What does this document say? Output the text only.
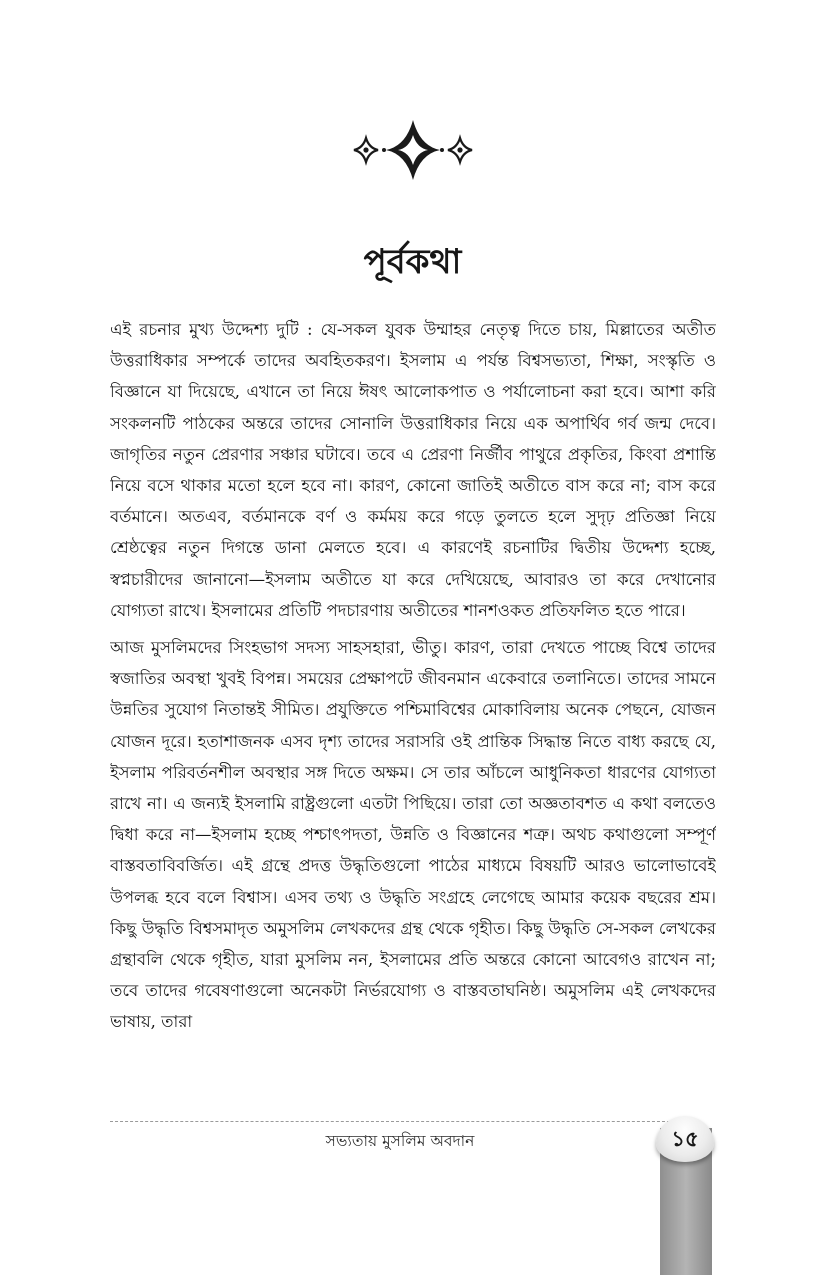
পূর্বকথা

এই রচনার মুখ্য উদ্দেশ্য দুটি : যে-সকল যুবক উম্মাহর নেতৃত্ব দিতে চায়, মিল্লাতের অতীত উত্তরাধিকার সম্পর্কে তাদের অবহিতকরণ। ইসলাম এ পর্যন্ত বিশ্বসভ্যতা, শিক্ষা, সংস্কৃতি ও বিজ্ঞানে যা দিয়েছে, এখানে তা নিয়ে ঈষৎ আলোকপাত ও পর্যালোচনা করা হবে। আশা করি সংকলনটি পাঠকের অন্তরে তাদের সোনালি উত্তরাধিকার নিয়ে এক অপার্থিব গর্ব জন্ম দেবে। জাগৃতির নতুন প্রেরণার সঞ্চার ঘটাবে। তবে এ প্রেরণা নির্জীব পাথুরে প্রকৃতির, কিংবা প্রশান্তি নিয়ে বসে থাকার মতো হলে হবে না। কারণ, কোনো জাতিই অতীতে বাস করে না; বাস করে বর্তমানে। অতএব, বর্তমানকে বর্ণ ও কর্মময় করে গড়ে তুলতে হলে সুদৃঢ় প্রতিজ্ঞা নিয়ে শ্রেষ্ঠত্বের নতুন দিগন্তে ডানা মেলতে হবে। এ কারণেই রচনাটির দ্বিতীয় উদ্দেশ্য হচ্ছে, স্বপ্নচারীদের জানানো—ইসলাম অতীতে যা করে দেখিয়েছে, আবারও তা করে দেখানোর যোগ্যতা রাখে। ইসলামের প্রতিটি পদচারণায় অতীতের শানশওকত প্রতিফলিত হতে পারে।

আজ মুসলিমদের সিংহভাগ সদস্য সাহসহারা, ভীতু। কারণ, তারা দেখতে পাচ্ছে বিশ্বে তাদের স্বজাতির অবস্থা খুবই বিপন্ন। সময়ের প্রেক্ষাপটে জীবনমান একেবারে তলানিতে। তাদের সামনে উন্নতির সুযোগ নিতান্তই সীমিত। প্রযুক্তিতে পশ্চিমাবিশ্বের মোকাবিলায় অনেক পেছনে, যোজন যোজন দূরে। হতাশাজনক এসব দৃশ্য তাদের সরাসরি ওই প্রান্তিক সিদ্ধান্ত নিতে বাধ্য করছে যে, ইসলাম পরিবর্তনশীল অবস্থার সঙ্গ দিতে অক্ষম। সে তার আঁচলে আধুনিকতা ধারণের যোগ্যতা রাখে না। এ জন্যই ইসলামি রাষ্ট্রগুলো এতটা পিছিয়ে। তারা তো অজ্ঞতাবশত এ কথা বলতেও দ্বিধা করে না—ইসলাম হচ্ছে পশ্চাৎপদতা, উন্নতি ও বিজ্ঞানের শত্রু। অথচ কথাগুলো সম্পূর্ণ বাস্তবতাবিবর্জিত। এই গ্রন্থে প্রদত্ত উদ্ধৃতিগুলো পাঠের মাধ্যমে বিষয়টি আরও ভালোভাবেই উপলব্ধ হবে বলে বিশ্বাস। এসব তথ্য ও উদ্ধৃতি সংগ্রহে লেগেছে আমার কয়েক বছরের শ্রম। কিছু উদ্ধৃতি বিশ্বসমাদৃত অমুসলিম লেখকদের গ্রন্থ থেকে গৃহীত। কিছু উদ্ধৃতি সে-সকল লেখকের গ্রন্থাবলি থেকে গৃহীত, যারা মুসলিম নন, ইসলামের প্রতি অন্তরে কোনো আবেগও রাখেন না; তবে তাদের গবেষণাগুলো অনেকটা নির্ভরযোগ্য ও বাস্তবতাঘনিষ্ঠ। অমুসলিম এই লেখকদের ভাষায়, তারা

সভ্যতায় মুসলিম অবদান	১৫
